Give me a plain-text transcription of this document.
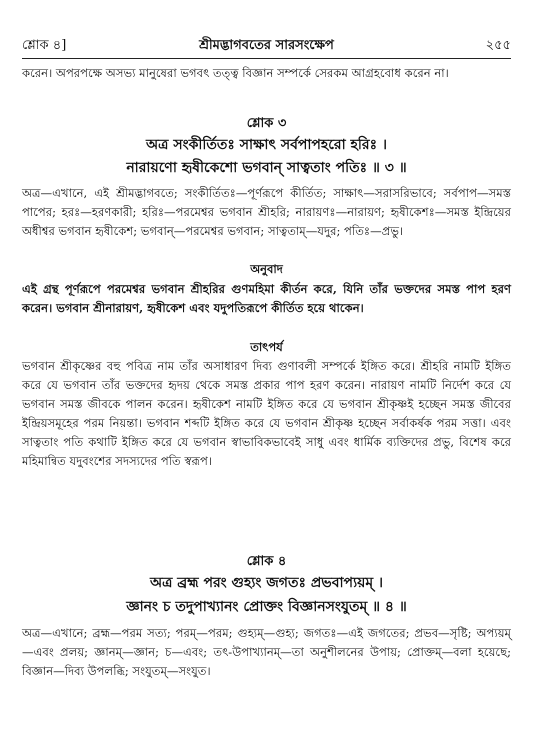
শ্লোক ৪]	শ্রীমদ্ভাগবতের সারসংক্ষেপ	২৫৫

করেন। অপরপক্ষে অসভ্য মানুষেরা ভগবৎ তত্ত্ব বিজ্ঞান সম্পর্কে সেরকম আগ্রহবোধ করেন না।

শ্লোক ৩

অত্র সংকীর্তিতঃ সাক্ষাৎ সর্বপাপহরো হরিঃ ।

নারায়ণো হৃষীকেশো ভগবান্ সাত্বতাং পতিঃ ॥ ৩ ॥

অত্র—এখানে, এই শ্রীমদ্ভাগবতে; সংকীর্তিতঃ—পূর্ণরূপে কীর্তিত; সাক্ষাৎ—সরাসরিভাবে; সর্বপাপ—সমস্ত পাপের; হরঃ—হরণকারী; হরিঃ—পরমেশ্বর ভগবান শ্রীহরি; নারায়ণঃ—নারায়ণ; হৃষীকেশঃ—সমস্ত ইন্দ্রিয়ের অধীশ্বর ভগবান হৃষীকেশ; ভগবান্—পরমেশ্বর ভগবান; সাত্বতাম্—যদুর; পতিঃ—প্রভু।

অনুবাদ

এই গ্রন্থ পূর্ণরূপে পরমেশ্বর ভগবান শ্রীহরির গুণমহিমা কীর্তন করে, যিনি তাঁর ভক্তদের সমস্ত পাপ হরণ করেন। ভগবান শ্রীনারায়ণ, হৃষীকেশ এবং যদুপতিরূপে কীর্তিত হয়ে থাকেন।

তাৎপর্য

ভগবান শ্রীকৃষ্ণের বহু পবিত্র নাম তাঁর অসাধারণ দিব্য গুণাবলী সম্পর্কে ইঙ্গিত করে। শ্রীহরি নামটি ইঙ্গিত করে যে ভগবান তাঁর ভক্তদের হৃদয় থেকে সমস্ত প্রকার পাপ হরণ করেন। নারায়ণ নামটি নির্দেশ করে যে ভগবান সমস্ত জীবকে পালন করেন। হৃষীকেশ নামটি ইঙ্গিত করে যে ভগবান শ্রীকৃষ্ণই হচ্ছেন সমস্ত জীবের ইন্দ্রিয়সমূহের পরম নিয়ন্তা। ভগবান শব্দটি ইঙ্গিত করে যে ভগবান শ্রীকৃষ্ণ হচ্ছেন সর্বাকর্ষক পরম সত্তা। এবং সাত্বতাং পতি কথাটি ইঙ্গিত করে যে ভগবান স্বাভাবিকভাবেই সাধু এবং ধার্মিক ব্যক্তিদের প্রভু, বিশেষ করে মহিমান্বিত যদুবংশের সদস্যদের পতি স্বরূপ।

শ্লোক ৪

অত্র ব্রহ্ম পরং গুহ্যং জগতঃ প্রভবাপ্যয়ম্ ।

জ্ঞানং চ তদুপাখ্যানং প্রোক্তং বিজ্ঞানসংযুতম্ ॥ ৪ ॥

অত্র—এখানে; ব্রহ্ম—পরম সত্য; পরম্—পরম; গুহ্যম্—গুহ্য; জগতঃ—এই জগতের; প্রভব—সৃষ্টি; অপ্যয়ম্—এবং প্রলয়; জ্ঞানম্—জ্ঞান; চ—এবং; তৎ-উপাখ্যানম্—তা অনুশীলনের উপায়; প্রোক্তম্—বলা হয়েছে; বিজ্ঞান—দিব্য উপলব্ধি; সংযুতম্—সংযুত।
